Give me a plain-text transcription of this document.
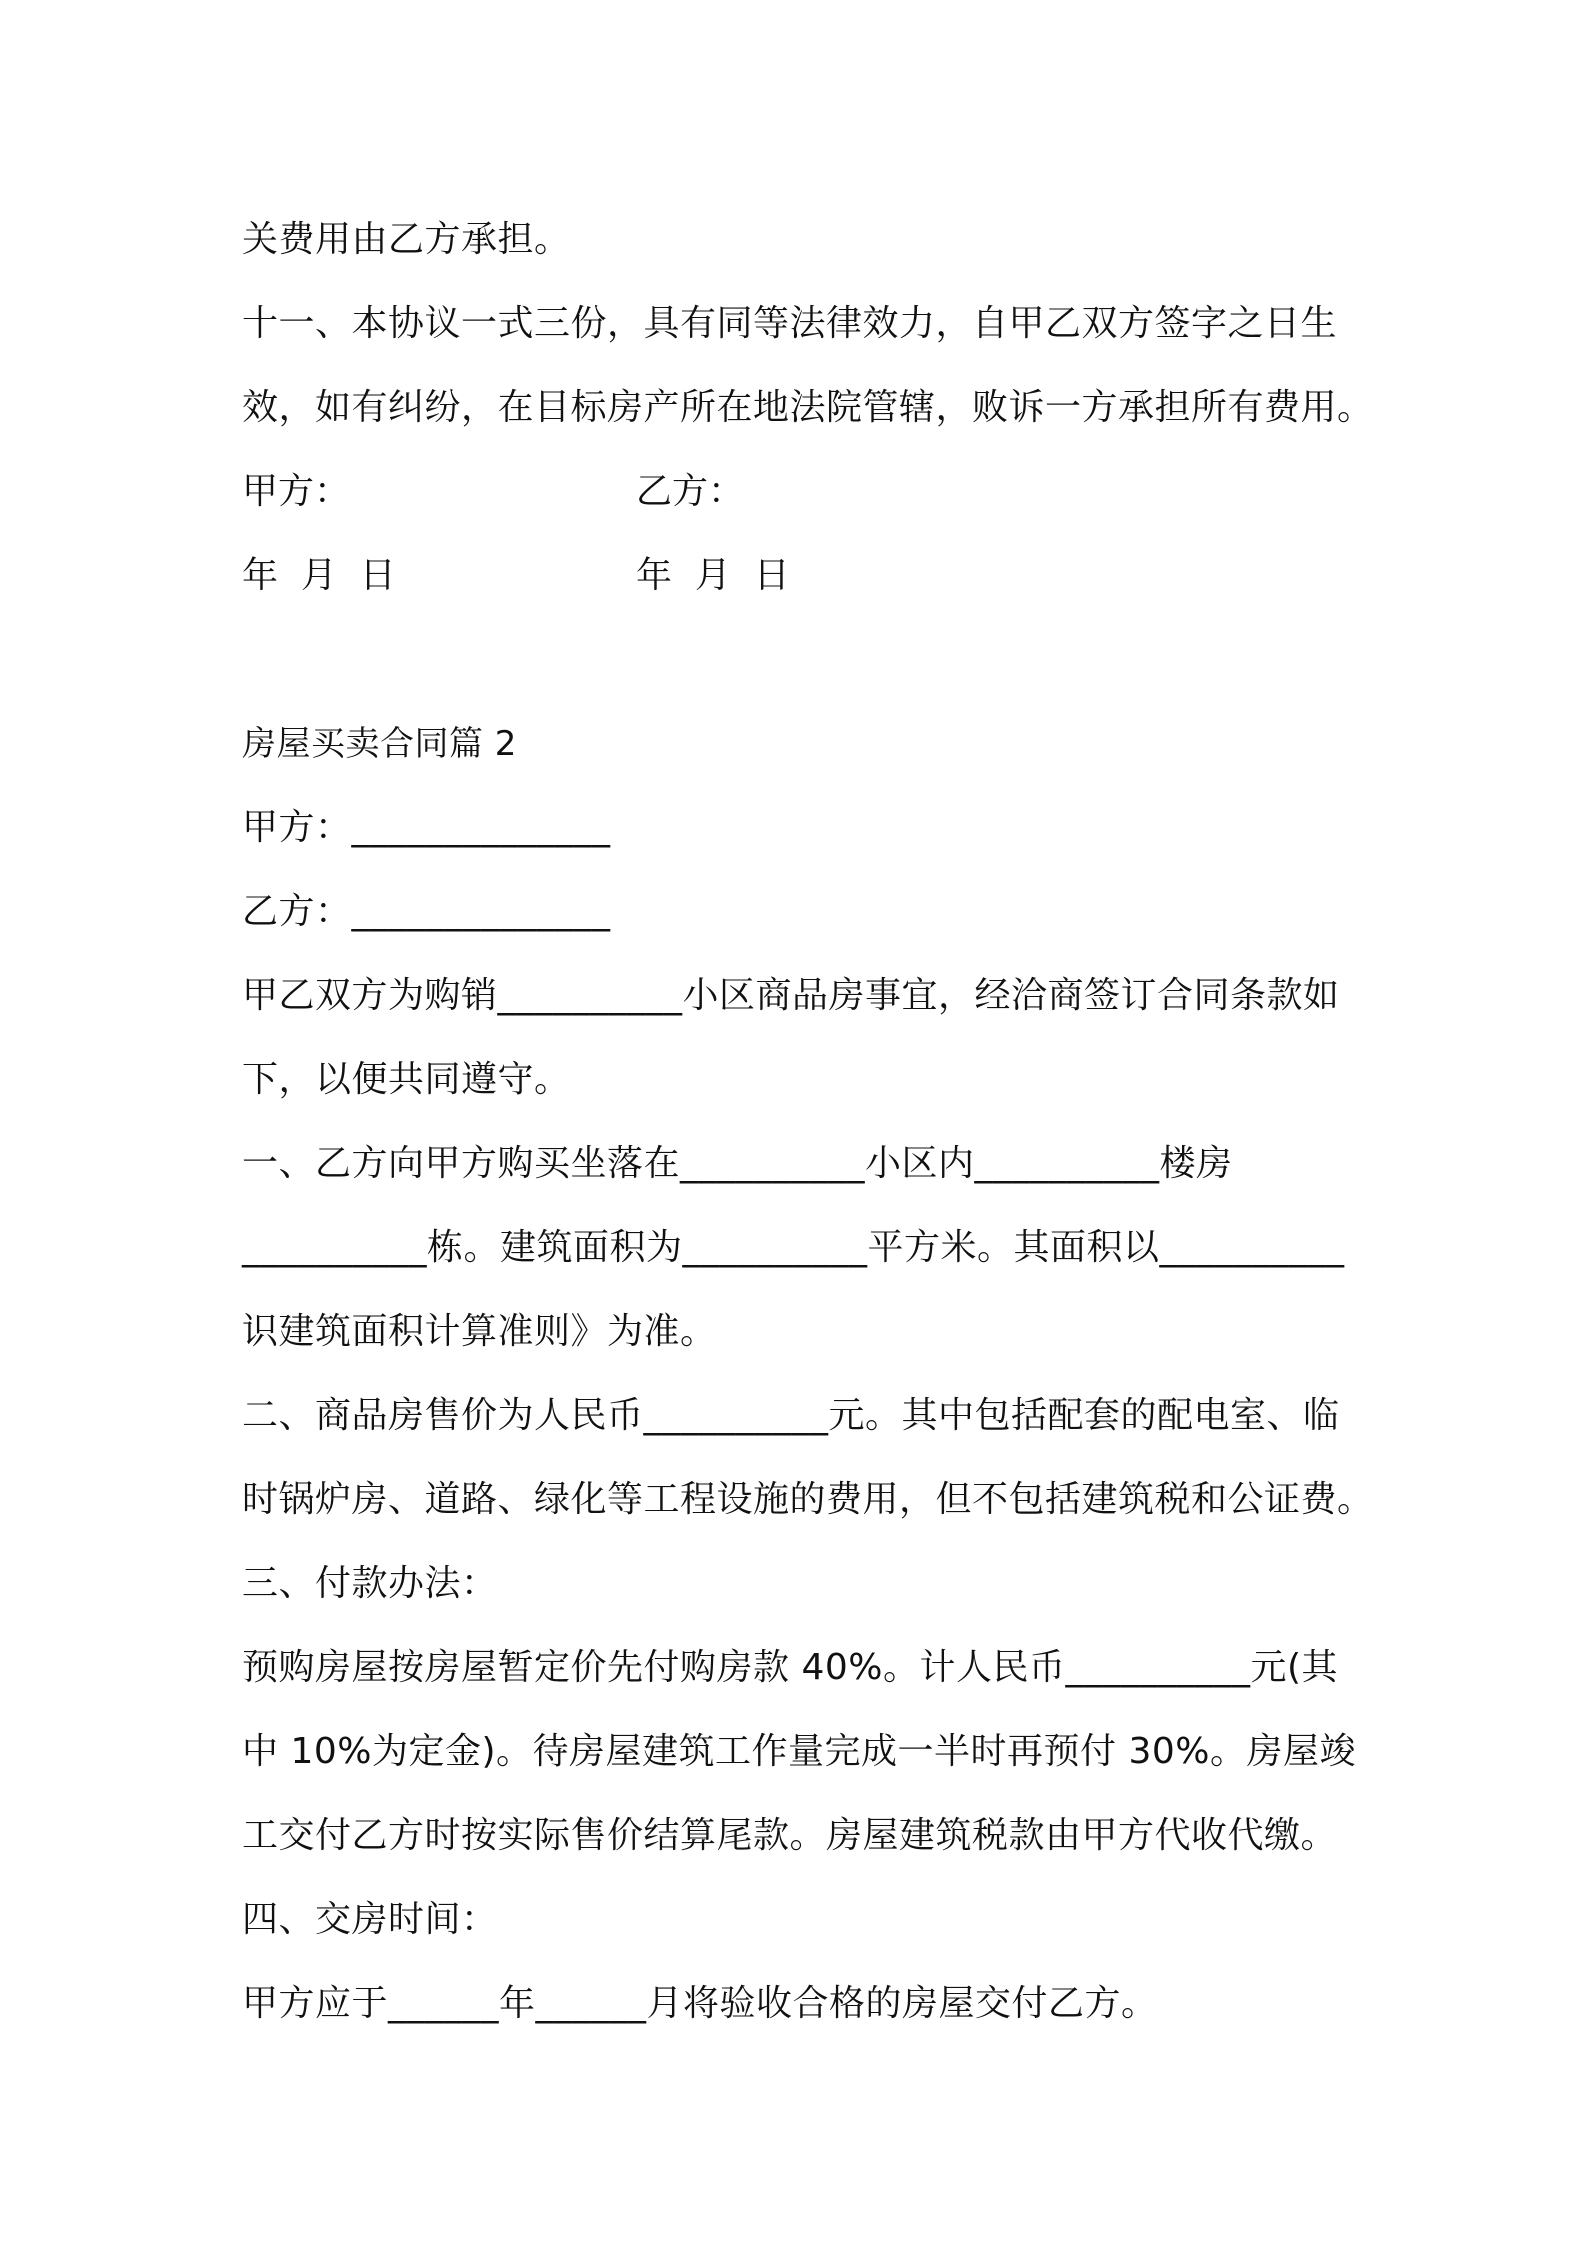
关费用由乙方承担。
十一、本协议一式三份，具有同等法律效力，自甲乙双方签字之日生
效，如有纠纷，在目标房产所在地法院管辖，败诉一方承担所有费用。
甲方：	乙方：
年  月  日	年  月  日
房屋买卖合同篇 2
甲方：______________
乙方：______________
甲乙双方为购销__________小区商品房事宜，经洽商签订合同条款如
下，以便共同遵守。
一、乙方向甲方购买坐落在__________小区内__________楼房
__________栋。建筑面积为__________平方米。其面积以__________
识建筑面积计算准则》为准。
二、商品房售价为人民币__________元。其中包括配套的配电室、临
时锅炉房、道路、绿化等工程设施的费用，但不包括建筑税和公证费。
三、付款办法：
预购房屋按房屋暂定价先付购房款 40%。计人民币__________元(其
中 10%为定金)。待房屋建筑工作量完成一半时再预付 30%。房屋竣
工交付乙方时按实际售价结算尾款。房屋建筑税款由甲方代收代缴。
四、交房时间：
甲方应于______年______月将验收合格的房屋交付乙方。
